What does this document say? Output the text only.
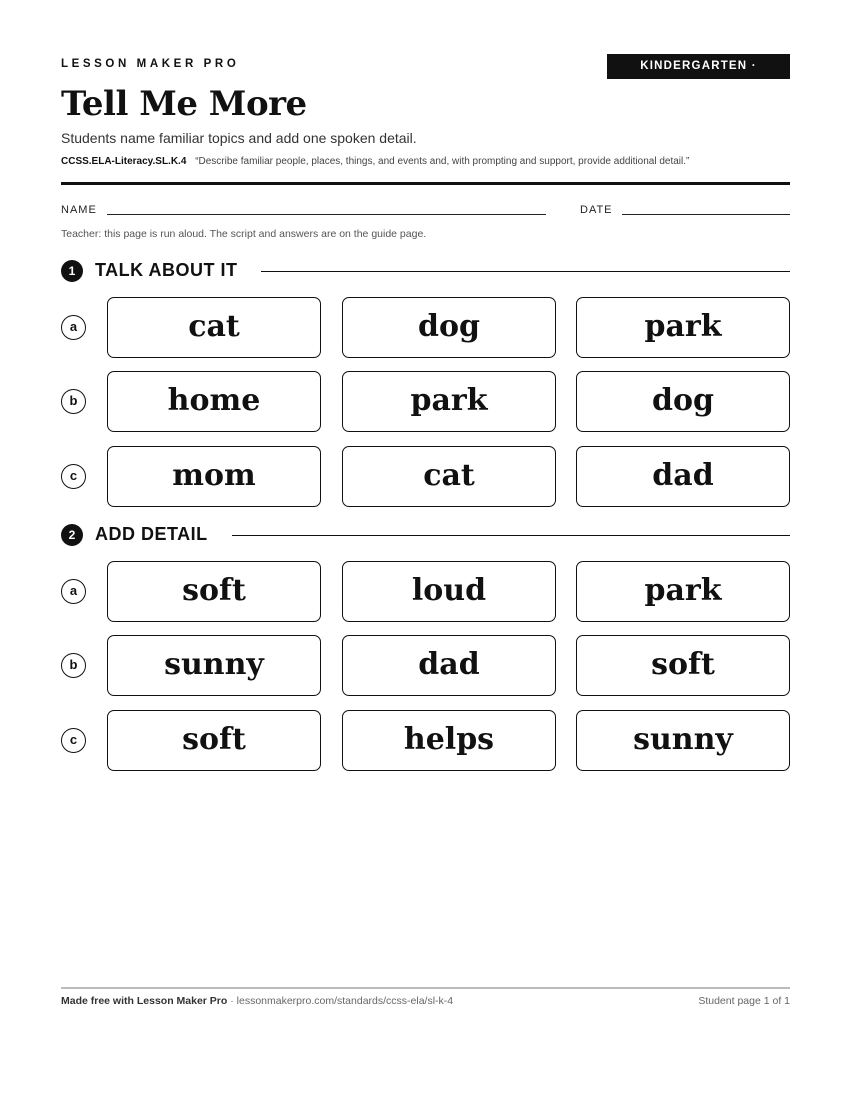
LESSON MAKER PRO	KINDERGARTEN · SL.K.4
Tell Me More
Students name familiar topics and add one spoken detail.
CCSS.ELA-Literacy.SL.K.4 “Describe familiar people, places, things, and events and, with prompting and support, provide additional detail.”
NAME	DATE
Teacher: this page is run aloud. The script and answers are on the guide page.
1	TALK ABOUT IT
a	cat	dog	park
b	home	park	dog
c	mom	cat	dad
2	ADD DETAIL
a	soft	loud	park
b	sunny	dad	soft
c	soft	helps	sunny
Made free with Lesson Maker Pro · lessonmakerpro.com/standards/ccss-ela/sl-k-4	Student page 1 of 1
